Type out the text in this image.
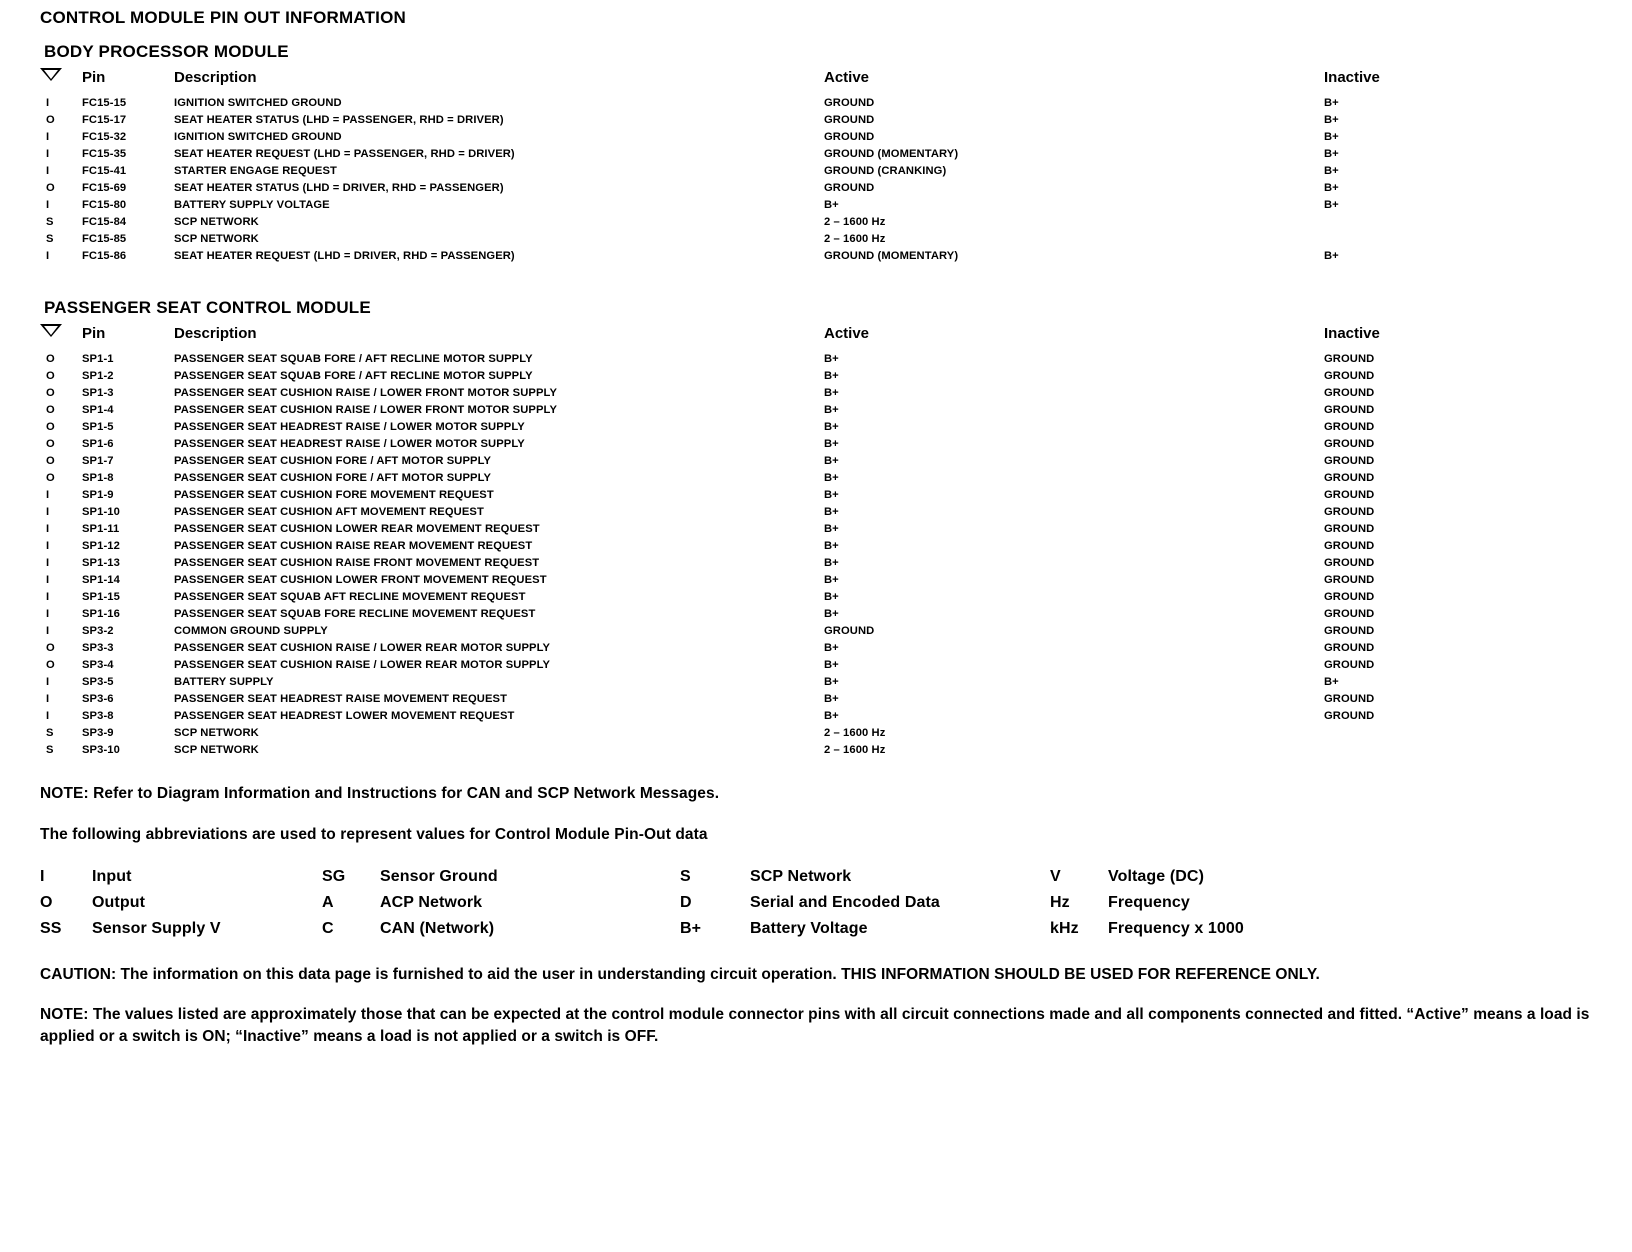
CONTROL MODULE PIN OUT INFORMATION
BODY PROCESSOR MODULE
	Pin	Description	Active	Inactive
I	FC15-15	IGNITION SWITCHED GROUND	GROUND	B+
O	FC15-17	SEAT HEATER STATUS (LHD = PASSENGER, RHD = DRIVER)	GROUND	B+
I	FC15-32	IGNITION SWITCHED GROUND	GROUND	B+
I	FC15-35	SEAT HEATER REQUEST (LHD = PASSENGER, RHD = DRIVER)	GROUND (MOMENTARY)	B+
I	FC15-41	STARTER ENGAGE REQUEST	GROUND (CRANKING)	B+
O	FC15-69	SEAT HEATER STATUS (LHD = DRIVER, RHD = PASSENGER)	GROUND	B+
I	FC15-80	BATTERY SUPPLY VOLTAGE	B+	B+
S	FC15-84	SCP NETWORK	2 – 1600 Hz	
S	FC15-85	SCP NETWORK	2 – 1600 Hz	
I	FC15-86	SEAT HEATER REQUEST (LHD = DRIVER, RHD = PASSENGER)	GROUND (MOMENTARY)	B+
PASSENGER SEAT CONTROL MODULE
	Pin	Description	Active	Inactive
O	SP1-1	PASSENGER SEAT SQUAB FORE / AFT RECLINE MOTOR SUPPLY	B+	GROUND
O	SP1-2	PASSENGER SEAT SQUAB FORE / AFT RECLINE MOTOR SUPPLY	B+	GROUND
O	SP1-3	PASSENGER SEAT CUSHION RAISE / LOWER FRONT MOTOR SUPPLY	B+	GROUND
O	SP1-4	PASSENGER SEAT CUSHION RAISE / LOWER FRONT MOTOR SUPPLY	B+	GROUND
O	SP1-5	PASSENGER SEAT HEADREST RAISE / LOWER MOTOR SUPPLY	B+	GROUND
O	SP1-6	PASSENGER SEAT HEADREST RAISE / LOWER MOTOR SUPPLY	B+	GROUND
O	SP1-7	PASSENGER SEAT CUSHION FORE / AFT MOTOR SUPPLY	B+	GROUND
O	SP1-8	PASSENGER SEAT CUSHION FORE / AFT MOTOR SUPPLY	B+	GROUND
I	SP1-9	PASSENGER SEAT CUSHION FORE MOVEMENT REQUEST	B+	GROUND
I	SP1-10	PASSENGER SEAT CUSHION AFT MOVEMENT REQUEST	B+	GROUND
I	SP1-11	PASSENGER SEAT CUSHION LOWER REAR MOVEMENT REQUEST	B+	GROUND
I	SP1-12	PASSENGER SEAT CUSHION RAISE REAR MOVEMENT REQUEST	B+	GROUND
I	SP1-13	PASSENGER SEAT CUSHION RAISE FRONT MOVEMENT REQUEST	B+	GROUND
I	SP1-14	PASSENGER SEAT CUSHION LOWER FRONT MOVEMENT REQUEST	B+	GROUND
I	SP1-15	PASSENGER SEAT SQUAB AFT RECLINE MOVEMENT REQUEST	B+	GROUND
I	SP1-16	PASSENGER SEAT SQUAB FORE RECLINE MOVEMENT REQUEST	B+	GROUND
I	SP3-2	COMMON GROUND SUPPLY	GROUND	GROUND
O	SP3-3	PASSENGER SEAT CUSHION RAISE / LOWER REAR MOTOR SUPPLY	B+	GROUND
O	SP3-4	PASSENGER SEAT CUSHION RAISE / LOWER REAR MOTOR SUPPLY	B+	GROUND
I	SP3-5	BATTERY SUPPLY	B+	B+
I	SP3-6	PASSENGER SEAT HEADREST RAISE MOVEMENT REQUEST	B+	GROUND
I	SP3-8	PASSENGER SEAT HEADREST LOWER MOVEMENT REQUEST	B+	GROUND
S	SP3-9	SCP NETWORK	2 – 1600 Hz	
S	SP3-10	SCP NETWORK	2 – 1600 Hz	

NOTE: Refer to Diagram Information and Instructions for CAN and SCP Network Messages.

The following abbreviations are used to represent values for Control Module Pin-Out data

I	Input	SG	Sensor Ground	S	SCP Network	V	Voltage (DC)
O	Output	A	ACP Network	D	Serial and Encoded Data	Hz	Frequency
SS	Sensor Supply V	C	CAN (Network)	B+	Battery Voltage	kHz	Frequency x 1000

CAUTION: The information on this data page is furnished to aid the user in understanding circuit operation. THIS INFORMATION SHOULD BE USED FOR REFERENCE ONLY.

NOTE: The values listed are approximately those that can be expected at the control module connector pins with all circuit connections made and all components connected and fitted. “Active” means a load is applied or a switch is ON; “Inactive” means a load is not applied or a switch is OFF.
